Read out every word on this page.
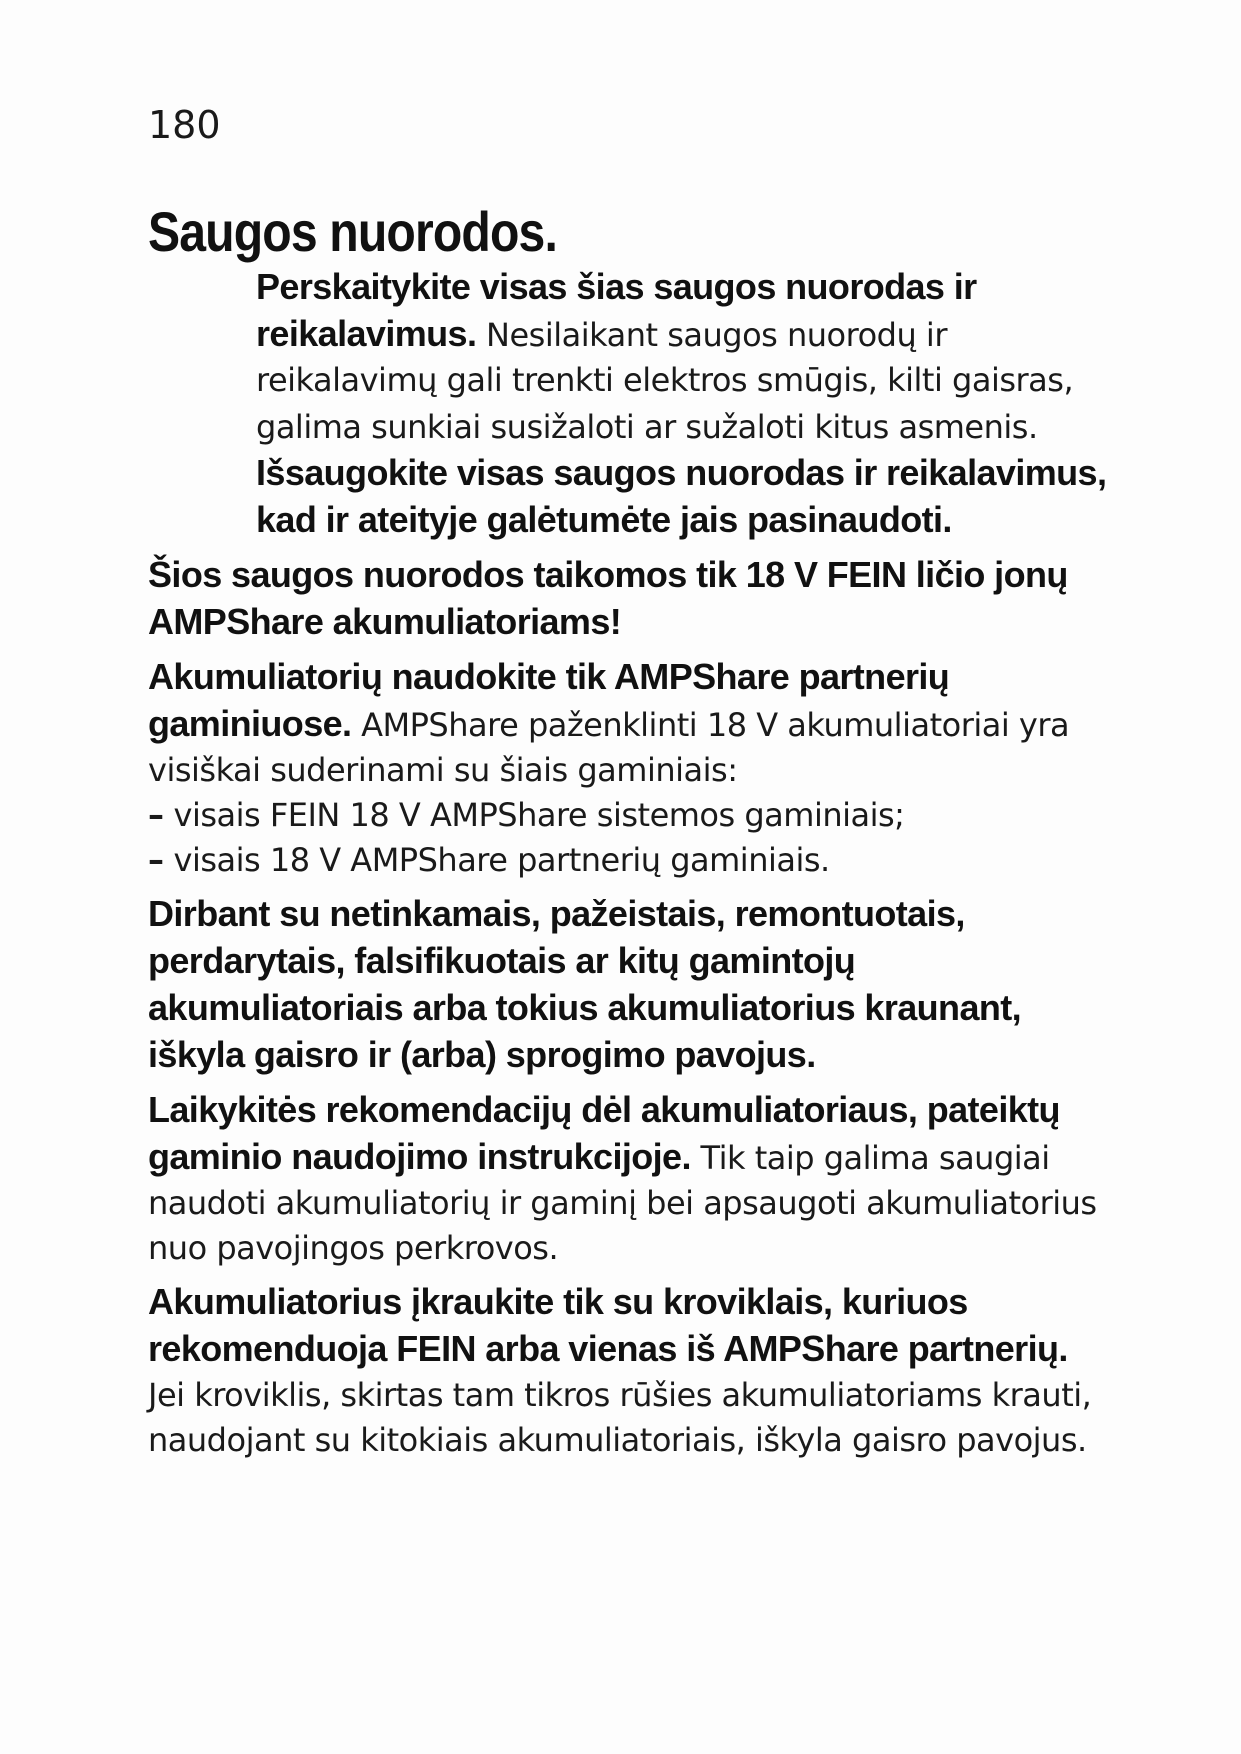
180
Saugos nuorodos.

Perskaitykite visas šias saugos nuorodas ir reikalavimus. Nesilaikant saugos nuorodų ir reikalavimų gali trenkti elektros smūgis, kilti gaisras, galima sunkiai susižaloti ar sužaloti kitus asmenis. Išsaugokite visas saugos nuorodas ir reikalavimus, kad ir ateityje galėtumėte jais pasinaudoti.

Šios saugos nuorodos taikomos tik 18 V FEIN ličio jonų AMPShare akumuliatoriams!

Akumuliatorių naudokite tik AMPShare partnerių gaminiuose. AMPShare paženklinti 18 V akumuliatoriai yra visiškai suderinami su šiais gaminiais:

– visais FEIN 18 V AMPShare sistemos gaminiais;
– visais 18 V AMPShare partnerių gaminiais.

Dirbant su netinkamais, pažeistais, remontuotais, perdarytais, falsifikuotais ar kitų gamintojų akumuliatoriais arba tokius akumuliatorius kraunant, iškyla gaisro ir (arba) sprogimo pavojus.

Laikykitės rekomendacijų dėl akumuliatoriaus, pateiktų gaminio naudojimo instrukcijoje. Tik taip galima saugiai naudoti akumuliatorių ir gaminį bei apsaugoti akumuliatorius nuo pavojingos perkrovos.

Akumuliatorius įkraukite tik su kroviklais, kuriuos rekomenduoja FEIN arba vienas iš AMPShare partnerių. Jei kroviklis, skirtas tam tikros rūšies akumuliatoriams krauti, naudojant su kitokiais akumuliatoriais, iškyla gaisro pavojus.
